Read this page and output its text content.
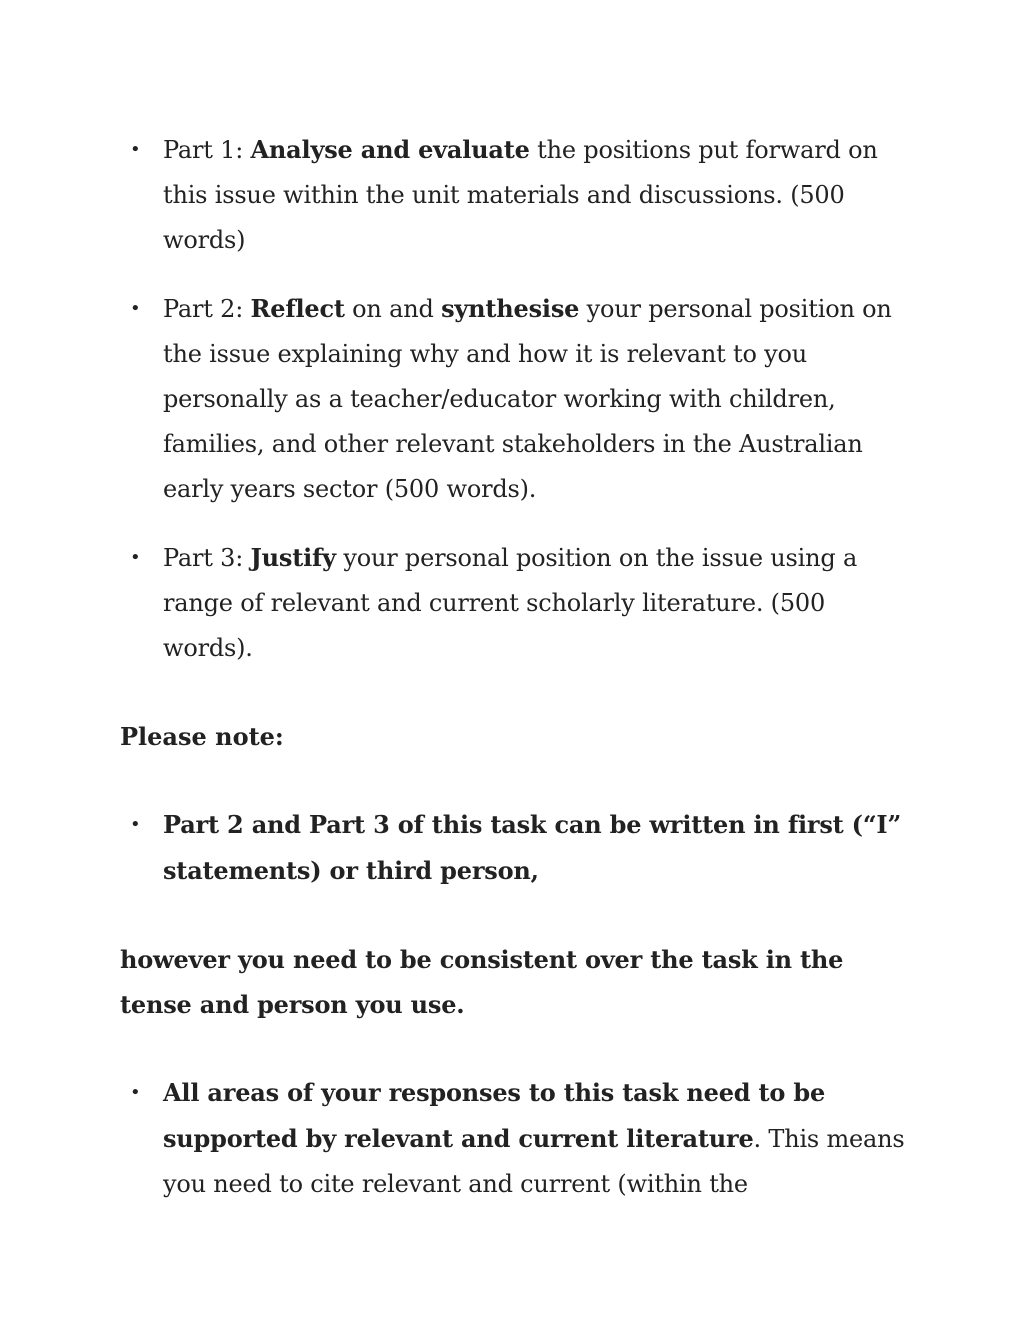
• Part 1: Analyse and evaluate the positions put forward on this issue within the unit materials and discussions. (500 words)
• Part 2: Reflect on and synthesise your personal position on the issue explaining why and how it is relevant to you personally as a teacher/educator working with children, families, and other relevant stakeholders in the Australian early years sector (500 words).
• Part 3: Justify your personal position on the issue using a range of relevant and current scholarly literature. (500 words).

Please note:

• Part 2 and Part 3 of this task can be written in first (“I” statements) or third person,

however you need to be consistent over the task in the tense and person you use.

• All areas of your responses to this task need to be supported by relevant and current literature. This means you need to cite relevant and current (within the
